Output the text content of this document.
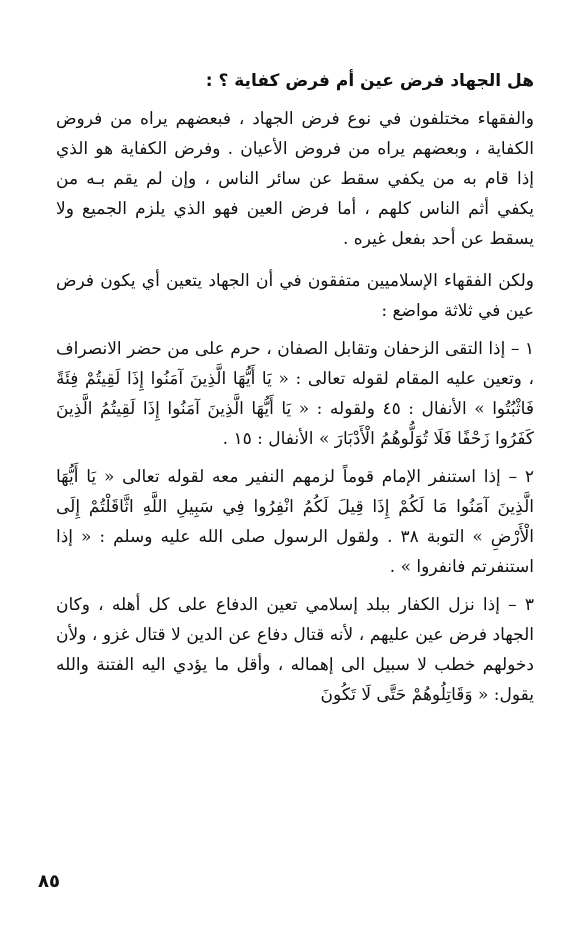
هل الجهاد فرض عين أم فرض كفاية ؟ :

والفقهاء مختلفون في نوع فرض الجهاد ، فبعضهم يراه من فروض الكفاية ، وبعضهم يراه من فروض الأعيان . وفرض الكفاية هو الذي إذا قام به من يكفي سقط عن سائر الناس ، وإن لم يقم بـه من يكفي أثم الناس كلهم ، أما فرض العين فهو الذي يلزم الجميع ولا يسقط عن أحد بفعل غيره .

ولكن الفقهاء الإسلاميين متفقون في أن الجهاد يتعين أي يكون فرض عين في ثلاثة مواضع :

١ – إذا التقى الزحفان وتقابل الصفان ، حرم على من حضر الانصراف ، وتعين عليه المقام لقوله تعالى : « يَا أَيُّهَا الَّذِينَ آمَنُوا إِذَا لَقِيتُمْ فِئَةً فَاثْبُتُوا » الأنفال : ٤٥ ولقوله : « يَا أَيُّهَا الَّذِينَ آمَنُوا إِذَا لَقِيتُمُ الَّذِينَ كَفَرُوا زَحْفًا فَلَا تُوَلُّوهُمُ الْأَدْبَارَ » الأنفال : ١٥ .

٢ – إذا استنفر الإمام قوماً لزمهم النفير معه لقوله تعالى « يَا أَيُّهَا الَّذِينَ آمَنُوا مَا لَكُمْ إِذَا قِيلَ لَكُمُ انْفِرُوا فِي سَبِيلِ اللَّهِ اثَّاقَلْتُمْ إِلَى الْأَرْضِ » التوبة ٣٨ . ولقول الرسول صلى الله عليه وسلم : « إذا استنفرتم فانفروا » .

٣ – إذا نزل الكفار ببلد إسلامي تعين الدفاع على كل أهله ، وكان الجهاد فرض عين عليهم ، لأنه قتال دفاع عن الدين لا قتال غزو ، ولأن دخولهم خطب لا سبيل الى إهماله ، وأقل ما يؤدي اليه الفتنة والله يقول: « وَقَاتِلُوهُمْ حَتَّى لَا تَكُونَ

٨٥
